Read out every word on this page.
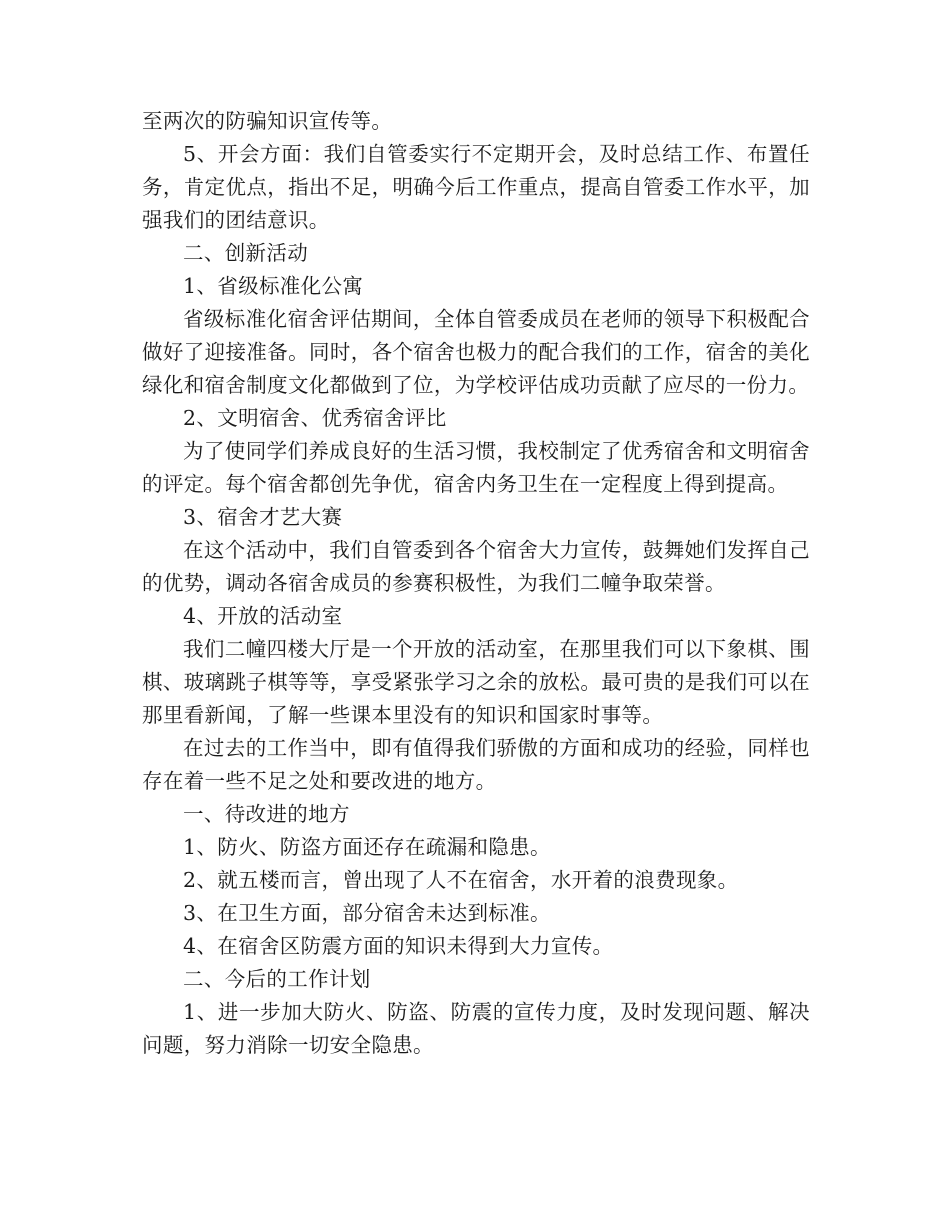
至两次的防骗知识宣传等。

5、开会方面：我们自管委实行不定期开会，及时总结工作、布置任务，肯定优点，指出不足，明确今后工作重点，提高自管委工作水平，加强我们的团结意识。

二、创新活动

1、省级标准化公寓

省级标准化宿舍评估期间，全体自管委成员在老师的领导下积极配合做好了迎接准备。同时，各个宿舍也极力的配合我们的工作，宿舍的美化绿化和宿舍制度文化都做到了位，为学校评估成功贡献了应尽的一份力。

2、文明宿舍、优秀宿舍评比

为了使同学们养成良好的生活习惯，我校制定了优秀宿舍和文明宿舍的评定。每个宿舍都创先争优，宿舍内务卫生在一定程度上得到提高。

3、宿舍才艺大赛

在这个活动中，我们自管委到各个宿舍大力宣传，鼓舞她们发挥自己的优势，调动各宿舍成员的参赛积极性，为我们二幢争取荣誉。

4、开放的活动室

我们二幢四楼大厅是一个开放的活动室，在那里我们可以下象棋、围棋、玻璃跳子棋等等，享受紧张学习之余的放松。最可贵的是我们可以在那里看新闻，了解一些课本里没有的知识和国家时事等。

在过去的工作当中，即有值得我们骄傲的方面和成功的经验，同样也存在着一些不足之处和要改进的地方。

一、待改进的地方

1、防火、防盗方面还存在疏漏和隐患。

2、就五楼而言，曾出现了人不在宿舍，水开着的浪费现象。

3、在卫生方面，部分宿舍未达到标准。

4、在宿舍区防震方面的知识未得到大力宣传。

二、今后的工作计划

1、进一步加大防火、防盗、防震的宣传力度，及时发现问题、解决问题，努力消除一切安全隐患。
